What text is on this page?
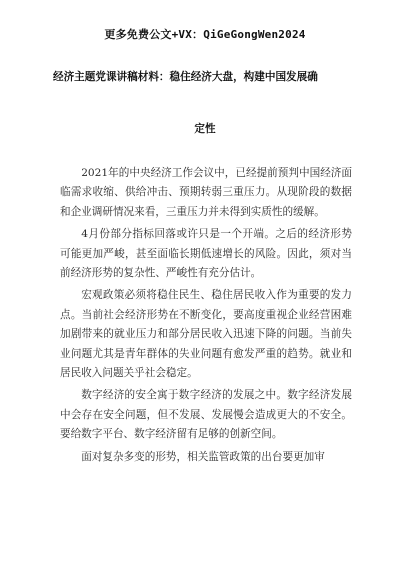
更多免费公文+VX：QiGeGongWen2024
经济主题党课讲稿材料：稳住经济大盘，构建中国发展确
定性

2021年的中央经济工作会议中，已经提前预判中国经济面临需求收缩、供给冲击、预期转弱三重压力。从现阶段的数据和企业调研情况来看，三重压力并未得到实质性的缓解。

4月份部分指标回落或许只是一个开端。之后的经济形势可能更加严峻，甚至面临长期低速增长的风险。因此，须对当前经济形势的复杂性、严峻性有充分估计。

宏观政策必须将稳住民生、稳住居民收入作为重要的发力点。当前社会经济形势在不断变化，要高度重视企业经营困难加剧带来的就业压力和部分居民收入迅速下降的问题。当前失业问题尤其是青年群体的失业问题有愈发严重的趋势。就业和居民收入问题关乎社会稳定。

数字经济的安全寓于数字经济的发展之中。数字经济发展中会存在安全问题，但不发展、发展慢会造成更大的不安全。要给数字平台、数字经济留有足够的创新空间。

面对复杂多变的形势，相关监管政策的出台要更加审
